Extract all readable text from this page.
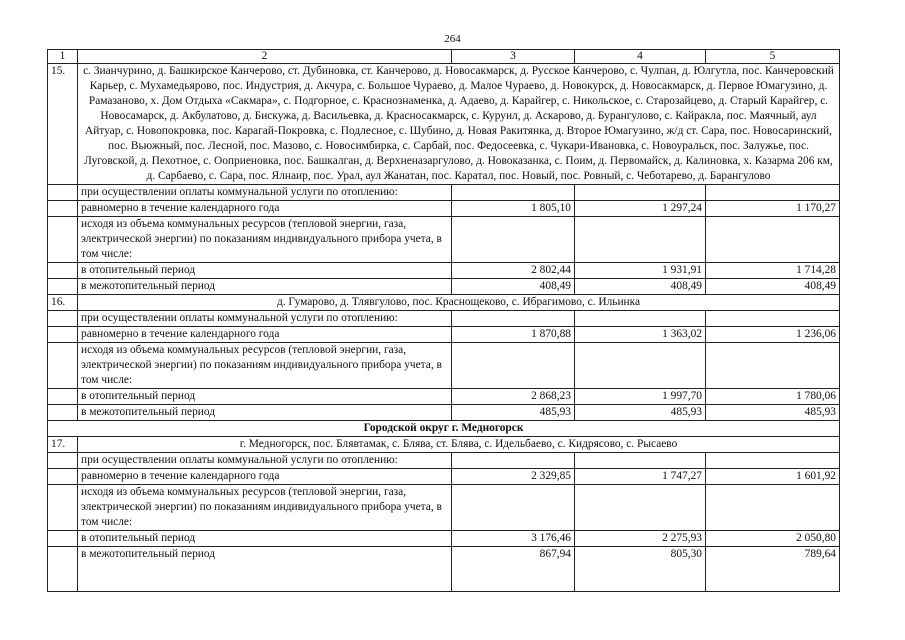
264
1	2	3	4	5
15.	с. Зианчурино, д. Башкирское Канчерово, ст. Дубиновка, ст. Канчерово, д. Новосакмарск, д. Русское Канчерово, с. Чулпан, д. Юлгутла, пос. Канчеровский Карьер, с. Мухамедьярово, пос. Индустрия, д. Акчура, с. Большое Чураево, д. Малое Чураево, д. Новокурск, д. Новосакмарск, д. Первое Юмагузино, д. Рамазаново, х. Дом Отдыха «Сакмара», с. Подгорное, с. Краснознаменка, д. Адаево, д. Карайгер, с. Никольское, с. Старозайцево, д. Старый Карайгер, с. Новосамарск, д. Акбулатово, д. Бискужа, д. Васильевка, д. Красносакмарск, с. Куруил, д. Аскарово, д. Бурангулово, с. Кайракла, пос. Маячный, аул Айтуар, с. Новопокровка, пос. Карагай-Покровка, с. Подлесное, с. Шубино, д. Новая Ракитянка, д. Второе Юмагузино, ж/д ст. Сара, пос. Новосаринский, пос. Вьюжный, пос. Лесной, пос. Мазово, с. Новосимбирка, с. Сарбай, пос. Федосеевка, с. Чукари-Ивановка, с. Новоуральск, пос. Залужье, пос. Луговской, д. Пехотное, с. Ооприеновка, пос. Башкалган, д. Верхненазаргулово, д. Новоказанка, с. Поим, д. Первомайск, д. Калиновка, х. Казарма 206 км, д. Сарбаево, с. Сара, пос. Ялнаир, пос. Урал, аул Жанатан, пос. Каратал, пос. Новый, пос. Ровный, с. Чеботарево, д. Барангулово			
	при осуществлении оплаты коммунальной услуги по отоплению:			
	равномерно в течение календарного года	1 805,10	1 297,24	1 170,27
	исходя из объема коммунальных ресурсов (тепловой энергии, газа, электрической энергии) по показаниям индивидуального прибора учета, в том числе:			
	в отопительный период	2 802,44	1 931,91	1 714,28
	в межотопительный период	408,49	408,49	408,49
16.	д. Гумарово, д. Тлявгулово, пос. Краснощеково, с. Ибрагимово, с. Ильинка			
	при осуществлении оплаты коммунальной услуги по отоплению:			
	равномерно в течение календарного года	1 870,88	1 363,02	1 236,06
	исходя из объема коммунальных ресурсов (тепловой энергии, газа, электрической энергии) по показаниям индивидуального прибора учета, в том числе:			
	в отопительный период	2 868,23	1 997,70	1 780,06
	в межотопительный период	485,93	485,93	485,93
Городской округ г. Медногорск				
17.	г. Медногорск, пос. Блявтамак, с. Блява, ст. Блява, с. Идельбаево, с. Кидрясово, с. Рысаево			
	при осуществлении оплаты коммунальной услуги по отоплению:			
	равномерно в течение календарного года	2 329,85	1 747,27	1 601,92
	исходя из объема коммунальных ресурсов (тепловой энергии, газа, электрической энергии) по показаниям индивидуального прибора учета, в том числе:			
	в отопительный период	3 176,46	2 275,93	2 050,80
	в межотопительный период	867,94	805,30	789,64
